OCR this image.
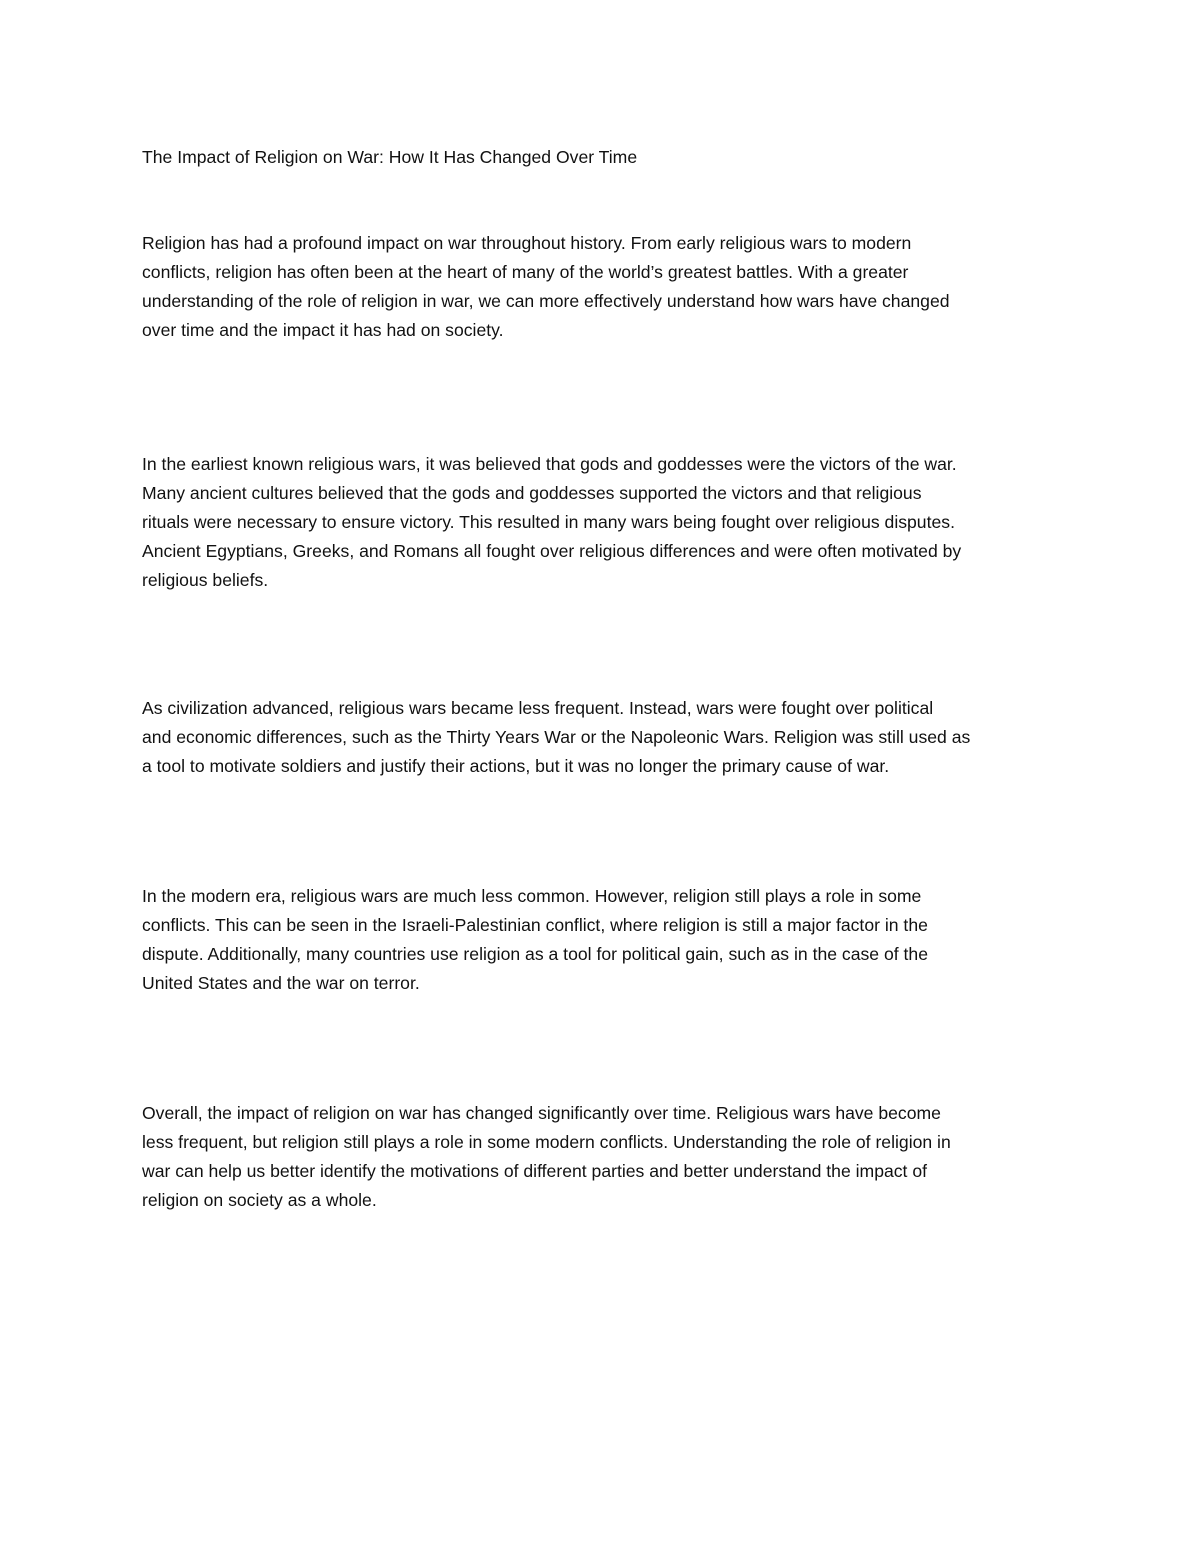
The Impact of Religion on War: How It Has Changed Over Time

Religion has had a profound impact on war throughout history. From early religious wars to modern
conflicts, religion has often been at the heart of many of the world’s greatest battles. With a greater
understanding of the role of religion in war, we can more effectively understand how wars have changed
over time and the impact it has had on society.

In the earliest known religious wars, it was believed that gods and goddesses were the victors of the war.
Many ancient cultures believed that the gods and goddesses supported the victors and that religious
rituals were necessary to ensure victory. This resulted in many wars being fought over religious disputes.
Ancient Egyptians, Greeks, and Romans all fought over religious differences and were often motivated by
religious beliefs.

As civilization advanced, religious wars became less frequent. Instead, wars were fought over political
and economic differences, such as the Thirty Years War or the Napoleonic Wars. Religion was still used as
a tool to motivate soldiers and justify their actions, but it was no longer the primary cause of war.

In the modern era, religious wars are much less common. However, religion still plays a role in some
conflicts. This can be seen in the Israeli-Palestinian conflict, where religion is still a major factor in the
dispute. Additionally, many countries use religion as a tool for political gain, such as in the case of the
United States and the war on terror.

Overall, the impact of religion on war has changed significantly over time. Religious wars have become
less frequent, but religion still plays a role in some modern conflicts. Understanding the role of religion in
war can help us better identify the motivations of different parties and better understand the impact of
religion on society as a whole.
